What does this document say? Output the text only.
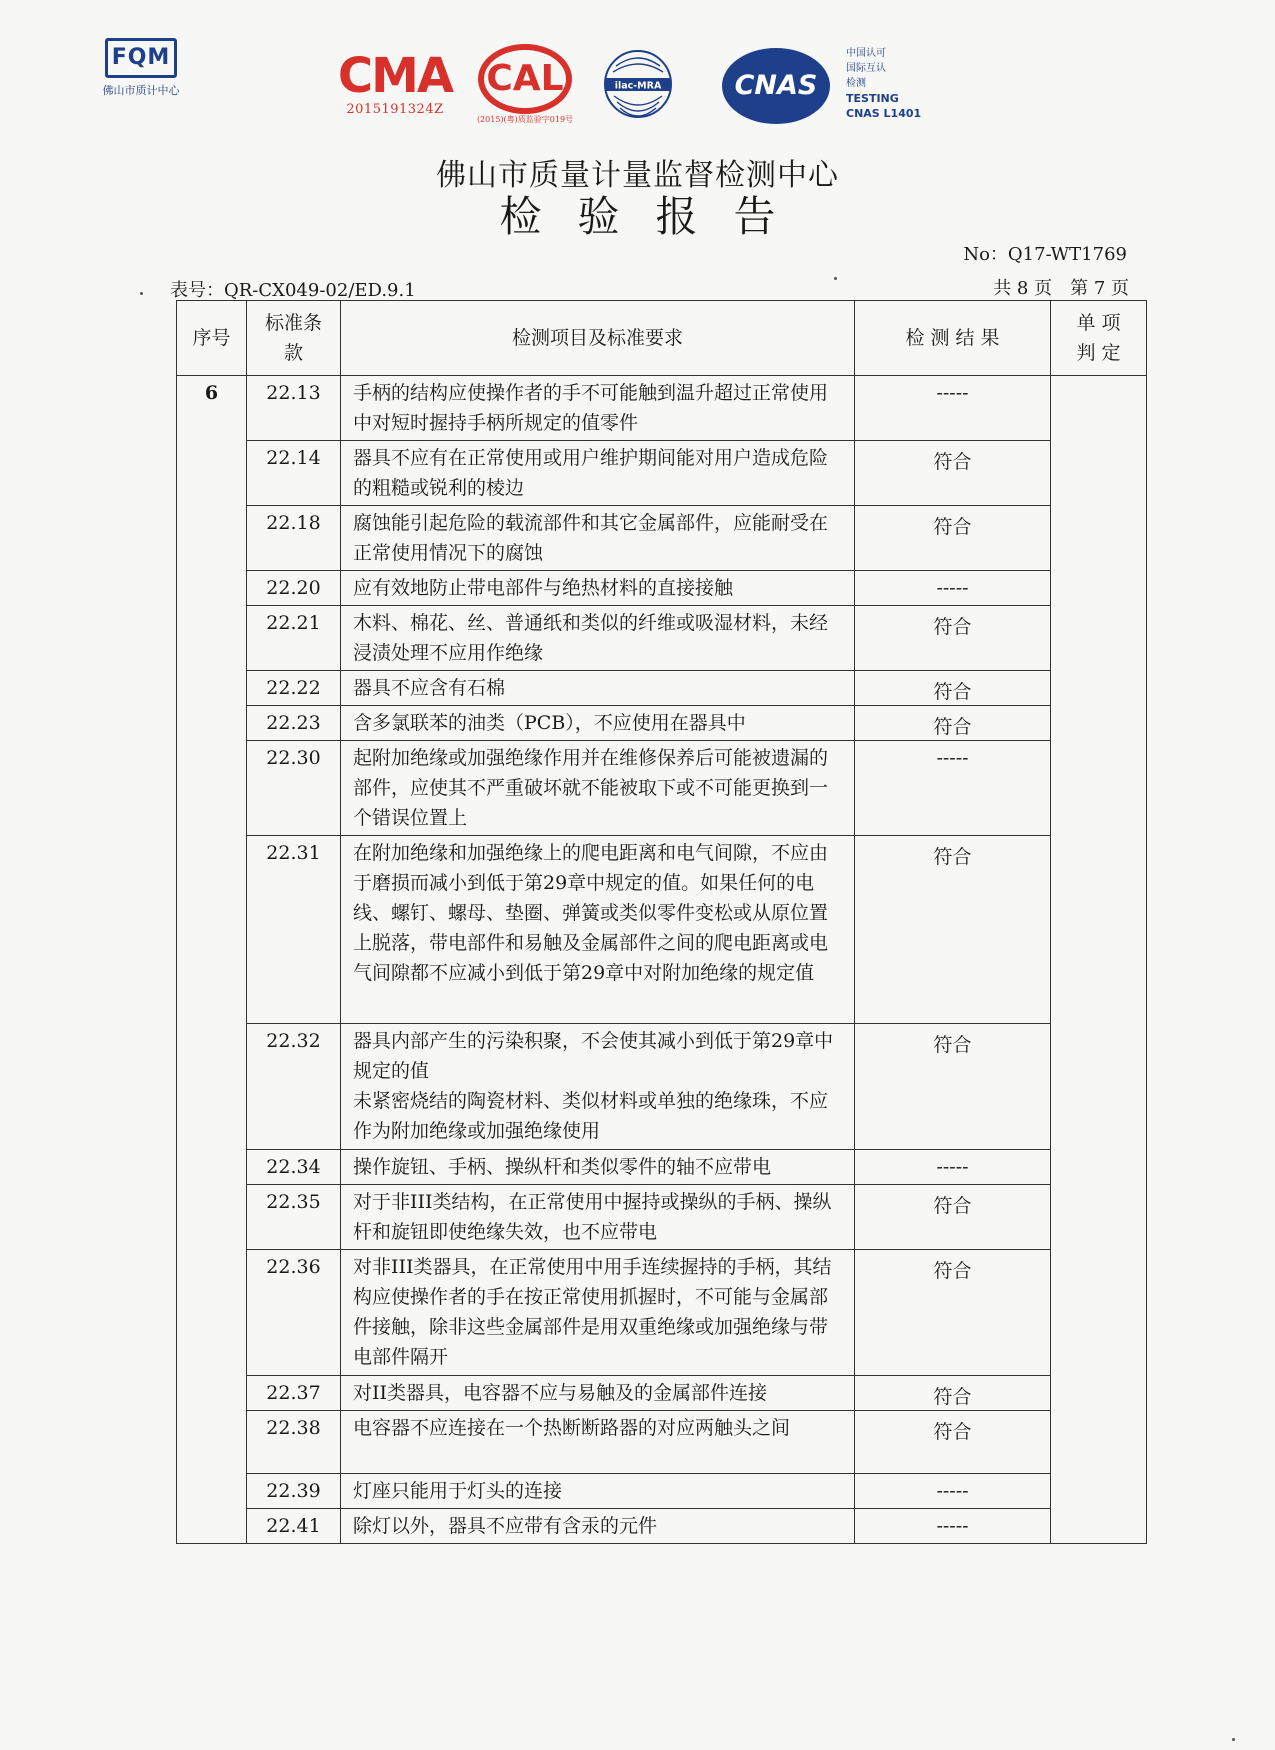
FQM
佛山市质计中心	CMA
2015191324Z
CAL
(2015)(粤)质监验字019号
ilac-MRA	CNAS
中国认可
国际互认
检测
TESTING
CNAS L1401
佛山市质量计量监督检测中心
检验报告
No：Q17-WT1769
表号：QR-CX049-02/ED.9.1	共 8 页　第 7 页
序号	标准条款	检测项目及标准要求	检 测 结 果	单 项 判 定
6	22.13	手柄的结构应使操作者的手不可能触到温升超过正常使用中对短时握持手柄所规定的值零件	-----	
	22.14	器具不应有在正常使用或用户维护期间能对用户造成危险的粗糙或锐利的棱边	符合	
	22.18	腐蚀能引起危险的载流部件和其它金属部件，应能耐受在正常使用情况下的腐蚀	符合	
	22.20	应有效地防止带电部件与绝热材料的直接接触	-----	
	22.21	木料、棉花、丝、普通纸和类似的纤维或吸湿材料，未经浸渍处理不应用作绝缘	符合	
	22.22	器具不应含有石棉	符合	
	22.23	含多氯联苯的油类（PCB），不应使用在器具中	符合	
	22.30	起附加绝缘或加强绝缘作用并在维修保养后可能被遗漏的部件，应使其不严重破坏就不能被取下或不可能更换到一个错误位置上	-----	
	22.31	在附加绝缘和加强绝缘上的爬电距离和电气间隙，不应由于磨损而减小到低于第29章中规定的值。如果任何的电线、螺钉、螺母、垫圈、弹簧或类似零件变松或从原位置上脱落，带电部件和易触及金属部件之间的爬电距离或电气间隙都不应减小到低于第29章中对附加绝缘的规定值	符合	
	22.32	器具内部产生的污染积聚，不会使其减小到低于第29章中规定的值
未紧密烧结的陶瓷材料、类似材料或单独的绝缘珠，不应作为附加绝缘或加强绝缘使用	符合	
	22.34	操作旋钮、手柄、操纵杆和类似零件的轴不应带电	-----	
	22.35	对于非III类结构，在正常使用中握持或操纵的手柄、操纵杆和旋钮即使绝缘失效，也不应带电	符合	
	22.36	对非III类器具，在正常使用中用手连续握持的手柄，其结构应使操作者的手在按正常使用抓握时，不可能与金属部件接触，除非这些金属部件是用双重绝缘或加强绝缘与带电部件隔开	符合	
	22.37	对II类器具，电容器不应与易触及的金属部件连接	符合	
	22.38	电容器不应连接在一个热断断路器的对应两触头之间	符合	
	22.39	灯座只能用于灯头的连接	-----	
	22.41	除灯以外，器具不应带有含汞的元件	-----	
